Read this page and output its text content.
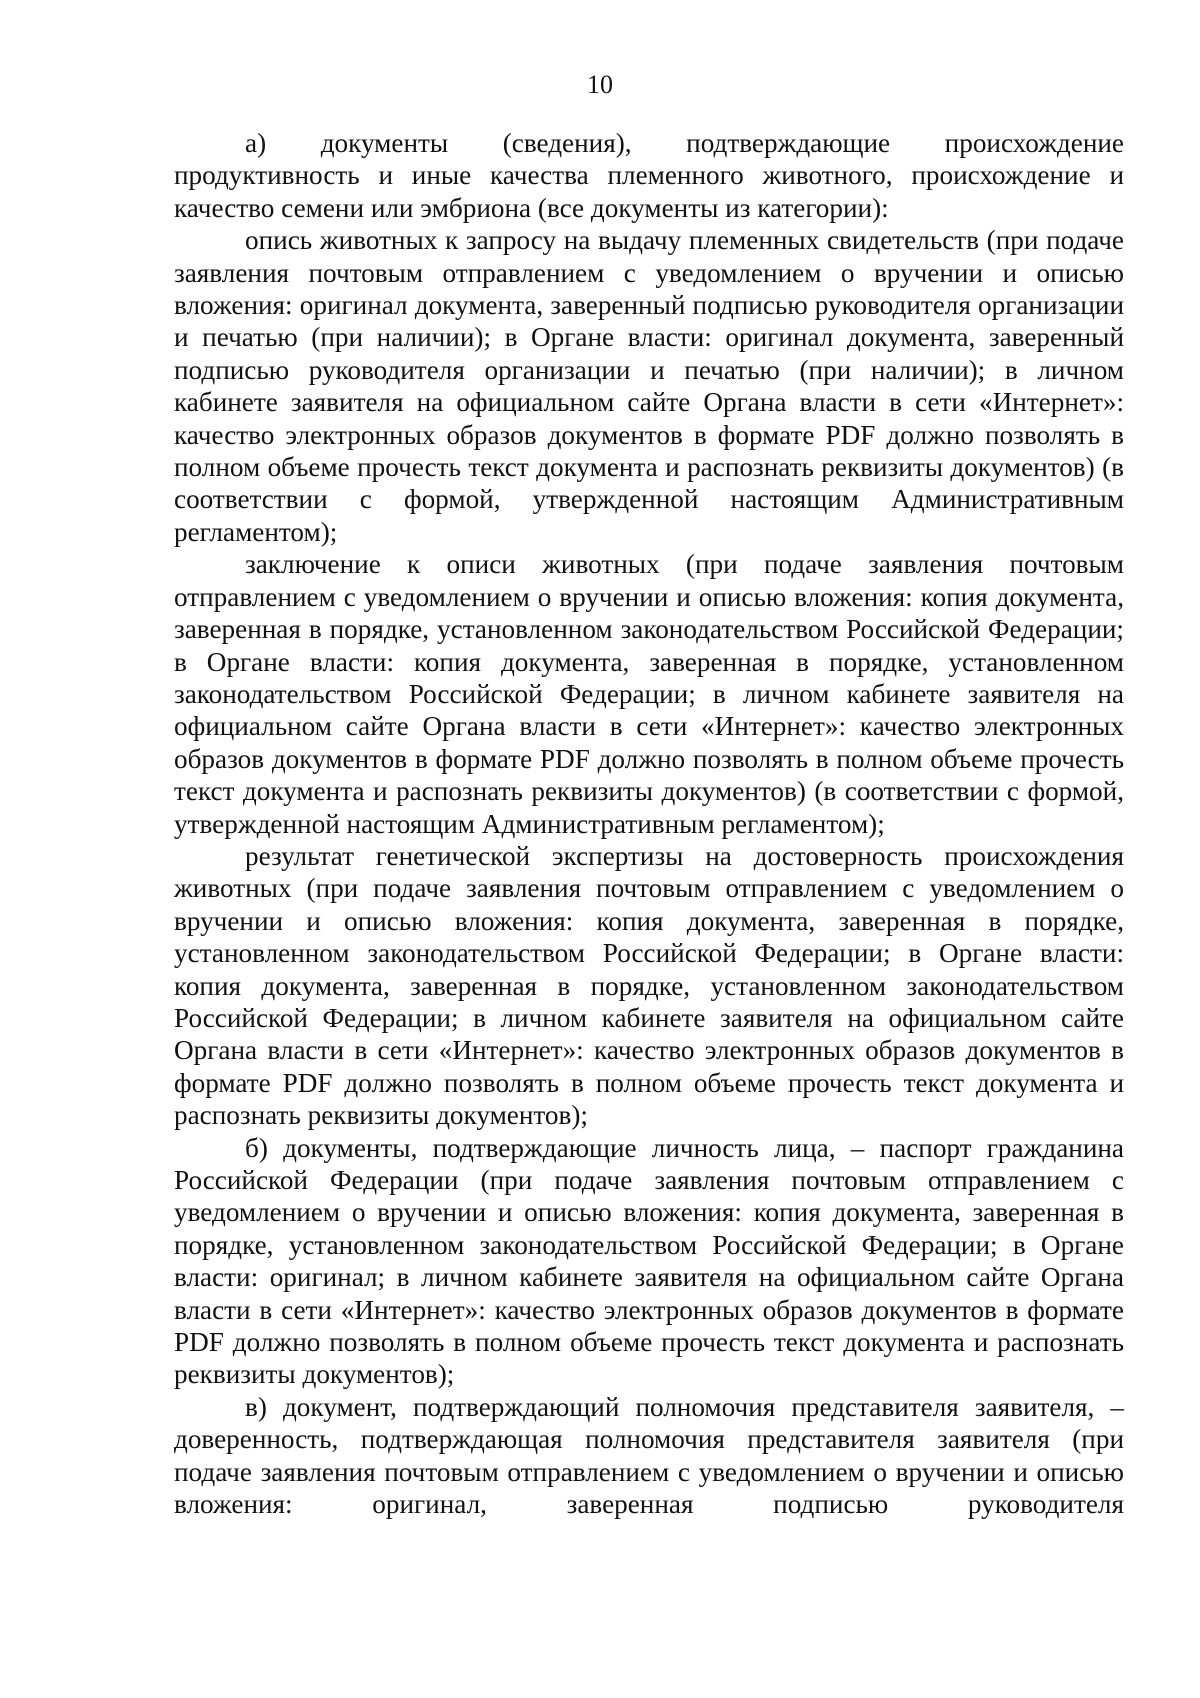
10

а) документы (сведения), подтверждающие происхождение продуктивность и иные качества племенного животного, происхождение и качество семени или эмбриона (все документы из категории):

опись животных к запросу на выдачу племенных свидетельств (при подаче заявления почтовым отправлением с уведомлением о вручении и описью вложения: оригинал документа, заверенный подписью руководителя организации и печатью (при наличии); в Органе власти: оригинал документа, заверенный подписью руководителя организации и печатью (при наличии); в личном кабинете заявителя на официальном сайте Органа власти в сети «Интернет»: качество электронных образов документов в формате PDF должно позволять в полном объеме прочесть текст документа и распознать реквизиты документов) (в соответствии с формой, утвержденной настоящим Административным регламентом);

заключение к описи животных (при подаче заявления почтовым отправлением с уведомлением о вручении и описью вложения: копия документа, заверенная в порядке, установленном законодательством Российской Федерации; в Органе власти: копия документа, заверенная в порядке, установленном законодательством Российской Федерации; в личном кабинете заявителя на официальном сайте Органа власти в сети «Интернет»: качество электронных образов документов в формате PDF должно позволять в полном объеме прочесть текст документа и распознать реквизиты документов) (в соответствии с формой, утвержденной настоящим Административным регламентом);

результат генетической экспертизы на достоверность происхождения животных (при подаче заявления почтовым отправлением с уведомлением о вручении и описью вложения: копия документа, заверенная в порядке, установленном законодательством Российской Федерации; в Органе власти: копия документа, заверенная в порядке, установленном законодательством Российской Федерации; в личном кабинете заявителя на официальном сайте Органа власти в сети «Интернет»: качество электронных образов документов в формате PDF должно позволять в полном объеме прочесть текст документа и распознать реквизиты документов);

б) документы, подтверждающие личность лица, – паспорт гражданина Российской Федерации (при подаче заявления почтовым отправлением с уведомлением о вручении и описью вложения: копия документа, заверенная в порядке, установленном законодательством Российской Федерации; в Органе власти: оригинал; в личном кабинете заявителя на официальном сайте Органа власти в сети «Интернет»: качество электронных образов документов в формате PDF должно позволять в полном объеме прочесть текст документа и распознать реквизиты документов);

в) документ, подтверждающий полномочия представителя заявителя, – доверенность, подтверждающая полномочия представителя заявителя (при подаче заявления почтовым отправлением с уведомлением о вручении и описью вложения: оригинал, заверенная подписью руководителя
